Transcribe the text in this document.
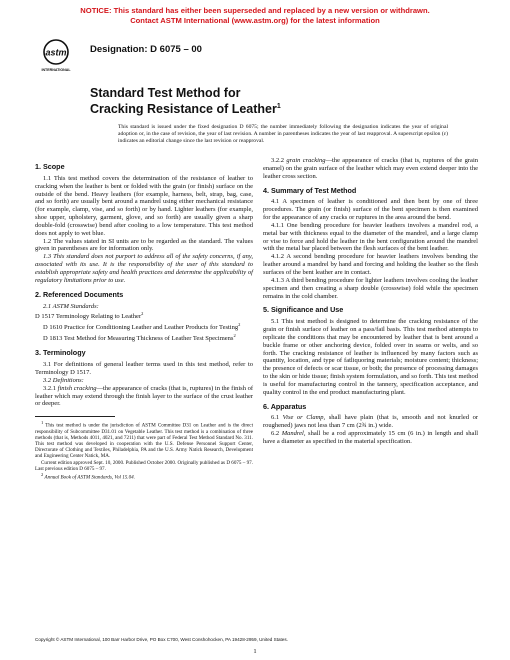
NOTICE: This standard has either been superseded and replaced by a new version or withdrawn.
Contact ASTM International (www.astm.org) for the latest information
astm
INTERNATIONAL
Designation: D 6075 – 00
Standard Test Method for
Cracking Resistance of Leather$^1$
This standard is issued under the fixed designation D 6075; the number immediately following the designation indicates the year of original adoption or, in the case of revision, the year of last revision. A number in parentheses indicates the year of last reapproval. A superscript epsilon (ε) indicates an editorial change since the last revision or reapproval.
1. Scope

1.1 This test method covers the determination of the resistance of leather to cracking when the leather is bent or folded with the grain (or finish) surface on the outside of the bend. Heavy leathers (for example, harness, belt, strap, bag, case, and so forth) are usually bent around a mandrel using either mechanical resistance (for example, clamp, vise, and so forth) or by hand. Lighter leathers (for example, shoe upper, upholstery, garment, glove, and so forth) are usually given a sharp double-fold (crosswise) bend after cooling to a low temperature. This test method does not apply to wet blue.

1.2 The values stated in SI units are to be regarded as the standard. The values given in parentheses are for information only.

1.3 This standard does not purport to address all of the safety concerns, if any, associated with its use. It is the responsibility of the user of this standard to establish appropriate safety and health practices and determine the applicability of regulatory limitations prior to use.

2. Referenced Documents

2.1 ASTM Standards:

D 1517 Terminology Relating to Leather$^2$

D 1610 Practice for Conditioning Leather and Leather Products for Testing$^2$

D 1813 Test Method for Measuring Thickness of Leather Test Specimens$^2$

3. Terminology

3.1 For definitions of general leather terms used in this test method, refer to Terminology D 1517.

3.2 Definitions:

3.2.1 finish cracking—the appearance of cracks (that is, ruptures) in the finish of leather which may extend through the finish layer to the surface of the crust leather or deeper.

$^1$ This test method is under the jurisdiction of ASTM Committee D31 on Leather and is the direct responsibility of Subcommittee D31.01 on Vegetable Leather. This test method is a combination of three methods (that is, Methods 4011, 4021, and 7211) that were part of Federal Test Method Standard No. 311. This test method was developed in cooperation with the U.S. Defense Personnel Support Center, Directorate of Clothing and Textiles, Philadelphia, PA and the U.S. Army Natick Research, Development and Engineering Center Natick, MA.

Current edition approved Sept. 10, 2000. Published October 2000. Originally published as D 6075 – 97. Last previous edition D 6075 – 97.

$^2$ Annual Book of ASTM Standards, Vol 15.04.

3.2.2 grain cracking—the appearance of cracks (that is, ruptures of the grain enamel) on the grain surface of the leather which may even extend deeper into the leather cross section.

4. Summary of Test Method

4.1 A specimen of leather is conditioned and then bent by one of three procedures. The grain (or finish) surface of the bent specimen is then examined for the appearance of any cracks or ruptures in the area around the bend.

4.1.1 One bending procedure for heavier leathers involves a mandrel rod, a metal bar with thickness equal to the diameter of the mandrel, and a large clamp or vise to force and hold the leather in the bent configuration around the mandrel with the metal bar placed between the flesh surfaces of the bent leather.

4.1.2 A second bending procedure for heavier leathers involves bending the leather around a mandrel by hand and forcing and holding the leather so the flesh surfaces of the bent leather are in contact.

4.1.3 A third bending procedure for lighter leathers involves cooling the leather specimen and then creating a sharp double (crosswise) fold while the specimen remains in the cold chamber.

5. Significance and Use

5.1 This test method is designed to determine the cracking resistance of the grain or finish surface of leather on a pass/fail basis. This test method attempts to replicate the conditions that may be encountered by leather that is bent around a buckle frame or other anchoring device, folded over in seams or welts, and so forth. The cracking resistance of leather is influenced by many factors such as quantity, location, and type of fatliquoring materials; moisture content; thickness; the presence of defects or scar tissue, or both; the presence of processing damages to the skin or hide tissue; finish system formulation, and so forth. This test method is useful for manufacturing control in the tannery, specification acceptance, and quality control in the end product manufacturing plant.

6. Apparatus

6.1 Vise or Clamp, shall have plain (that is, smooth and not knurled or roughened) jaws not less than 7 cm (2¾ in.) wide.

6.2 Mandrel, shall be a rod approximately 15 cm (6 in.) in length and shall have a diameter as specified in the material specification.

Copyright © ASTM International, 100 Barr Harbor Drive, PO Box C700, West Conshohocken, PA 19428-2959, United States.
1
